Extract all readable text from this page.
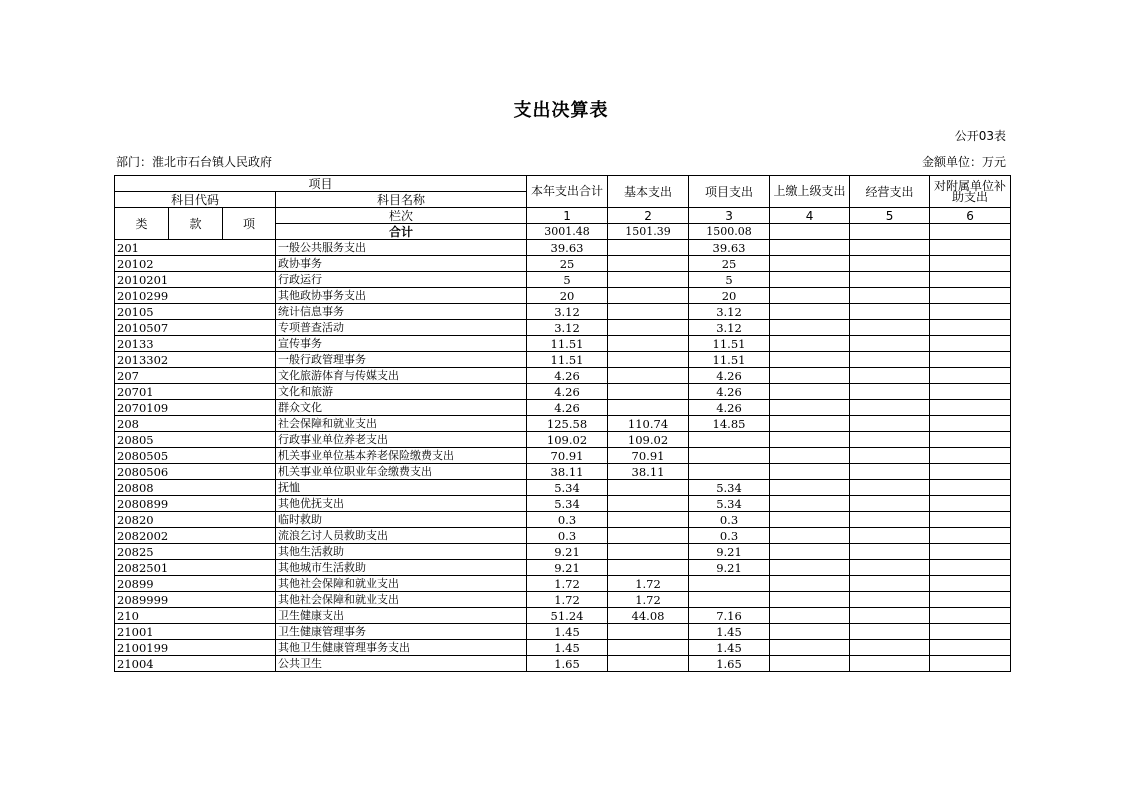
支出决算表
公开03表
部门：淮北市石台镇人民政府	金额单位：万元
项目				本年支出合计	基本支出	项目支出	上缴上级支出	经营支出	对附属单位补助支出
科目代码			科目名称						
类	款	项	栏次	1	2	3	4	5	6
			合计	3001.48	1501.39	1500.08			
201			一般公共服务支出	39.63		39.63			
20102			政协事务	25		25			
2010201			行政运行	5		5			
2010299			其他政协事务支出	20		20			
20105			统计信息事务	3.12		3.12			
2010507			专项普查活动	3.12		3.12			
20133			宣传事务	11.51		11.51			
2013302			一般行政管理事务	11.51		11.51			
207			文化旅游体育与传媒支出	4.26		4.26			
20701			文化和旅游	4.26		4.26			
2070109			群众文化	4.26		4.26			
208			社会保障和就业支出	125.58	110.74	14.85			
20805			行政事业单位养老支出	109.02	109.02				
2080505			机关事业单位基本养老保险缴费支出	70.91	70.91				
2080506			机关事业单位职业年金缴费支出	38.11	38.11				
20808			抚恤	5.34		5.34			
2080899			其他优抚支出	5.34		5.34			
20820			临时救助	0.3		0.3			
2082002			流浪乞讨人员救助支出	0.3		0.3			
20825			其他生活救助	9.21		9.21			
2082501			其他城市生活救助	9.21		9.21			
20899			其他社会保障和就业支出	1.72	1.72				
2089999			其他社会保障和就业支出	1.72	1.72				
210			卫生健康支出	51.24	44.08	7.16			
21001			卫生健康管理事务	1.45		1.45			
2100199			其他卫生健康管理事务支出	1.45		1.45			
21004			公共卫生	1.65		1.65			
